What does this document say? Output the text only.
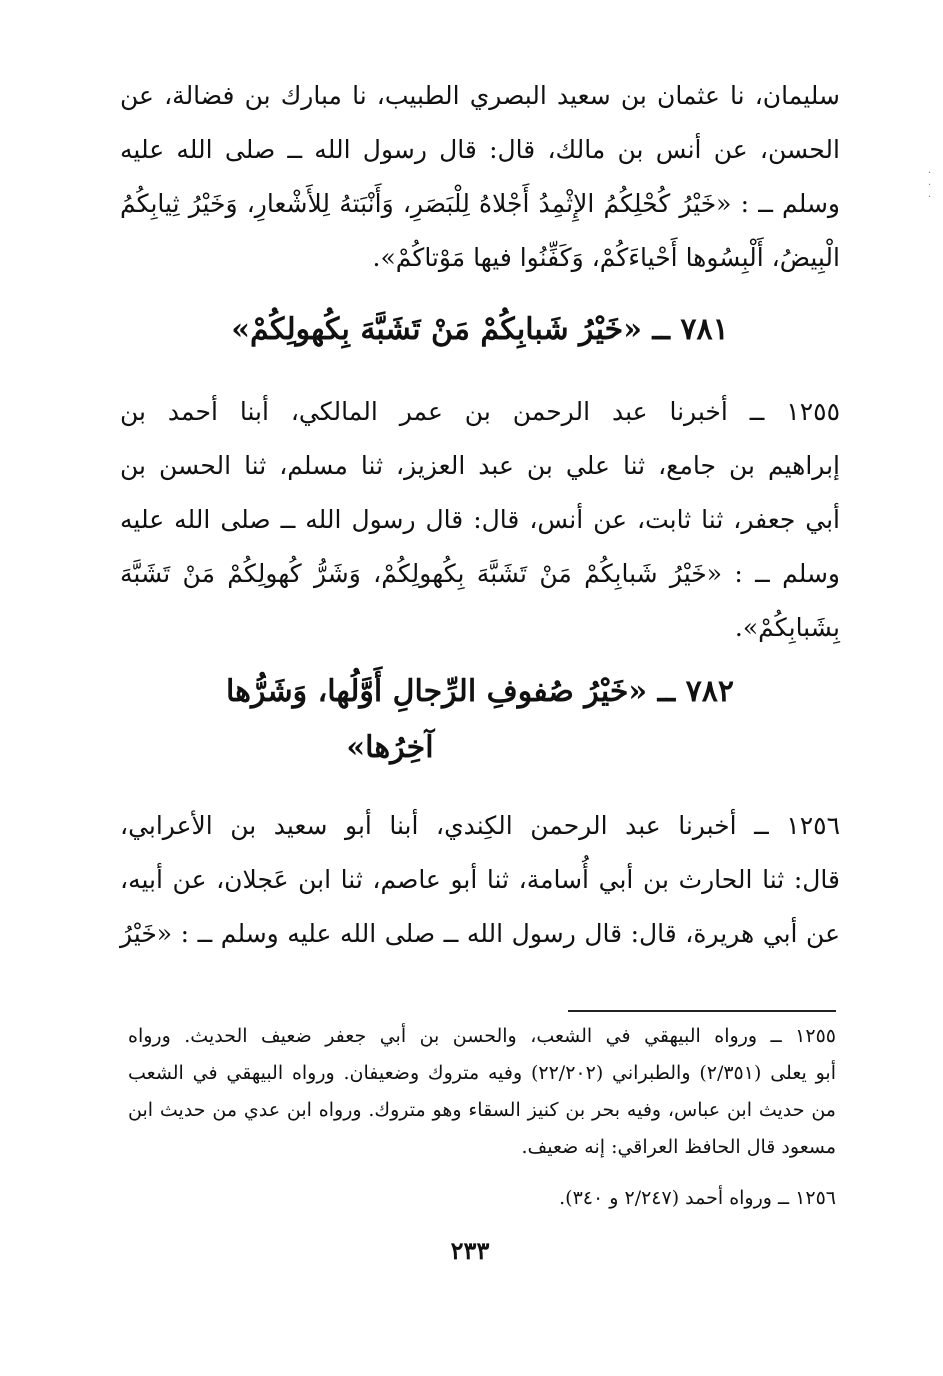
·
·
·
سليمان، نا عثمان بن سعيد البصري الطبيب، نا مبارك بن فضالة، عن
الحسن، عن أنس بن مالك، قال: قال رسول الله ــ صلى الله عليه
وسلم ــ : «خَيْرُ كُحْلِكُمُ الإِثْمِدُ أَجْلاهُ لِلْبَصَرِ، وَأَنْبَتهُ لِلأَشْعارِ، وَخَيْرُ ثِيابِكُمُ
الْبِيضُ، أَلْبِسُوها أَحْياءَكُمْ، وَكَفِّنُوا فيها مَوْتاكُمْ».
٧٨١ ــ «خَيْرُ شَبابِكُمْ مَنْ تَشَبَّهَ بِكُهولِكُمْ»
١٢٥٥ ــ أخبرنا عبد الرحمن بن عمر المالكي، أبنا أحمد بن
إبراهيم بن جامع، ثنا علي بن عبد العزيز، ثنا مسلم، ثنا الحسن بن
أبي جعفر، ثنا ثابت، عن أنس، قال: قال رسول الله ــ صلى الله عليه
وسلم ــ : «خَيْرُ شَبابِكُمْ مَنْ تَشَبَّهَ بِكُهولِكُمْ، وَشَرُّ كُهولِكُمْ مَنْ تَشَبَّهَ
بِشَبابِكُمْ».
٧٨٢ ــ «خَيْرُ صُفوفِ الرِّجالِ أَوَّلُها، وَشَرُّها
آخِرُها»
١٢٥٦ ــ أخبرنا عبد الرحمن الكِندي، أبنا أبو سعيد بن الأعرابي،
قال: ثنا الحارث بن أبي أُسامة، ثنا أبو عاصم، ثنا ابن عَجلان، عن أبيه،
عن أبي هريرة، قال: قال رسول الله ــ صلى الله عليه وسلم ــ : «خَيْرُ
١٢٥٥ ــ ورواه البيهقي في الشعب، والحسن بن أبي جعفر ضعيف الحديث. ورواه
أبو يعلى (٢/٣٥١) والطبراني (٢٢/٢٠٢) وفيه متروك وضعيفان. ورواه البيهقي في الشعب
من حديث ابن عباس، وفيه بحر بن كنيز السقاء وهو متروك. ورواه ابن عدي من حديث ابن
مسعود قال الحافظ العراقي: إنه ضعيف.
١٢٥٦ ــ ورواه أحمد (٢/٢٤٧ و ٣٤٠).
٢٣٣
